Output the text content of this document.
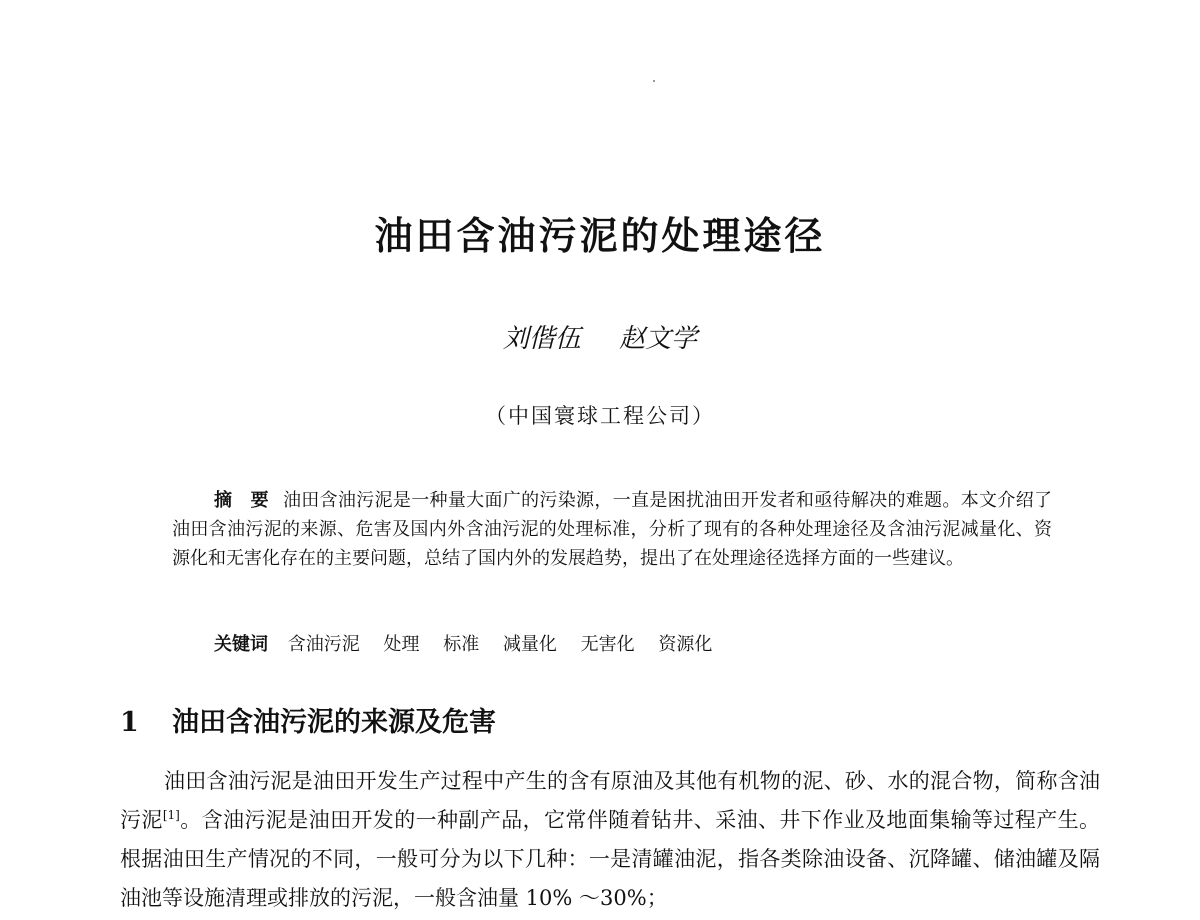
油田含油污泥的处理途径
刘偕伍 赵文学
（中国寰球工程公司）

摘　要 油田含油污泥是一种量大面广的污染源，一直是困扰油田开发者和亟待解决的难题。本文介绍了油田含油污泥的来源、危害及国内外含油污泥的处理标准，分析了现有的各种处理途径及含油污泥减量化、资源化和无害化存在的主要问题，总结了国内外的发展趋势，提出了在处理途径选择方面的一些建议。

关键词 含油污泥 处理 标准 减量化 无害化 资源化
1 油田含油污泥的来源及危害

油田含油污泥是油田开发生产过程中产生的含有原油及其他有机物的泥、砂、水的混合物，简称含油污泥[1]。含油污泥是油田开发的一种副产品，它常伴随着钻井、采油、井下作业及地面集输等过程产生。根据油田生产情况的不同，一般可分为以下几种：一是清罐油泥，指各类除油设备、沉降罐、储油罐及隔油池等设施清理或排放的污泥，一般含油量 10% ～30%；
